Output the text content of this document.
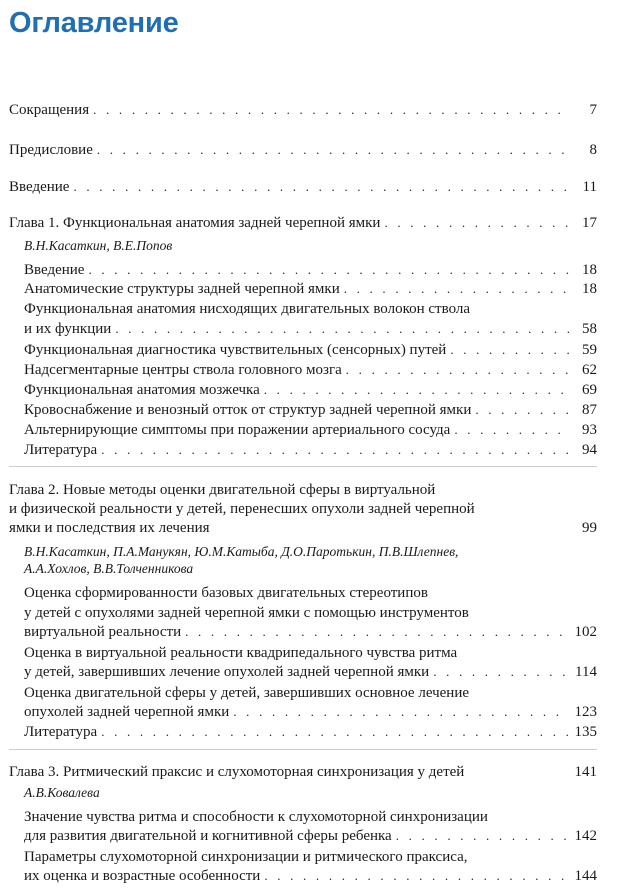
Оглавление
Сокращения . . .	7
Предисловие . . .	8
Введение . . .	11
Глава 1. Функциональная анатомия задней черепной ямки . . .	17
В.Н.Касаткин, В.Е.Попов
Введение . . .	18
Анатомические структуры задней черепной ямки . . .	18
Функциональная анатомия нисходящих двигательных волокон ствола
и их функции . . .	58
Функциональная диагностика чувствительных (сенсорных) путей . . .	59
Надсегментарные центры ствола головного мозга . . .	62
Функциональная анатомия мозжечка . . .	69
Кровоснабжение и венозный отток от структур задней черепной ямки . . .	87
Альтернирующие симптомы при поражении артериального сосуда . . .	93
Литература . . .	94
Глава 2. Новые методы оценки двигательной сферы в виртуальной
и физической реальности у детей, перенесших опухоли задней черепной
ямки и последствия их лечения	99
В.Н.Касаткин, П.А.Манукян, Ю.М.Катыба, Д.О.Паротькин, П.В.Шлепнев,
А.А.Хохлов, В.В.Толченникова
Оценка сформированности базовых двигательных стереотипов
у детей с опухолями задней черепной ямки с помощью инструментов
виртуальной реальности . . .	102
Оценка в виртуальной реальности квадрипедального чувства ритма
у детей, завершивших лечение опухолей задней черепной ямки . . .	114
Оценка двигательной сферы у детей, завершивших основное лечение
опухолей задней черепной ямки . . .	123
Литература . . .	135
Глава 3. Ритмический праксис и слухомоторная синхронизация у детей	141
А.В.Ковалева
Значение чувства ритма и способности к слухомоторной синхронизации
для развития двигательной и когнитивной сферы ребенка . . .	142
Параметры слухомоторной синхронизации и ритмического праксиса,
их оценка и возрастные особенности . . .	144
